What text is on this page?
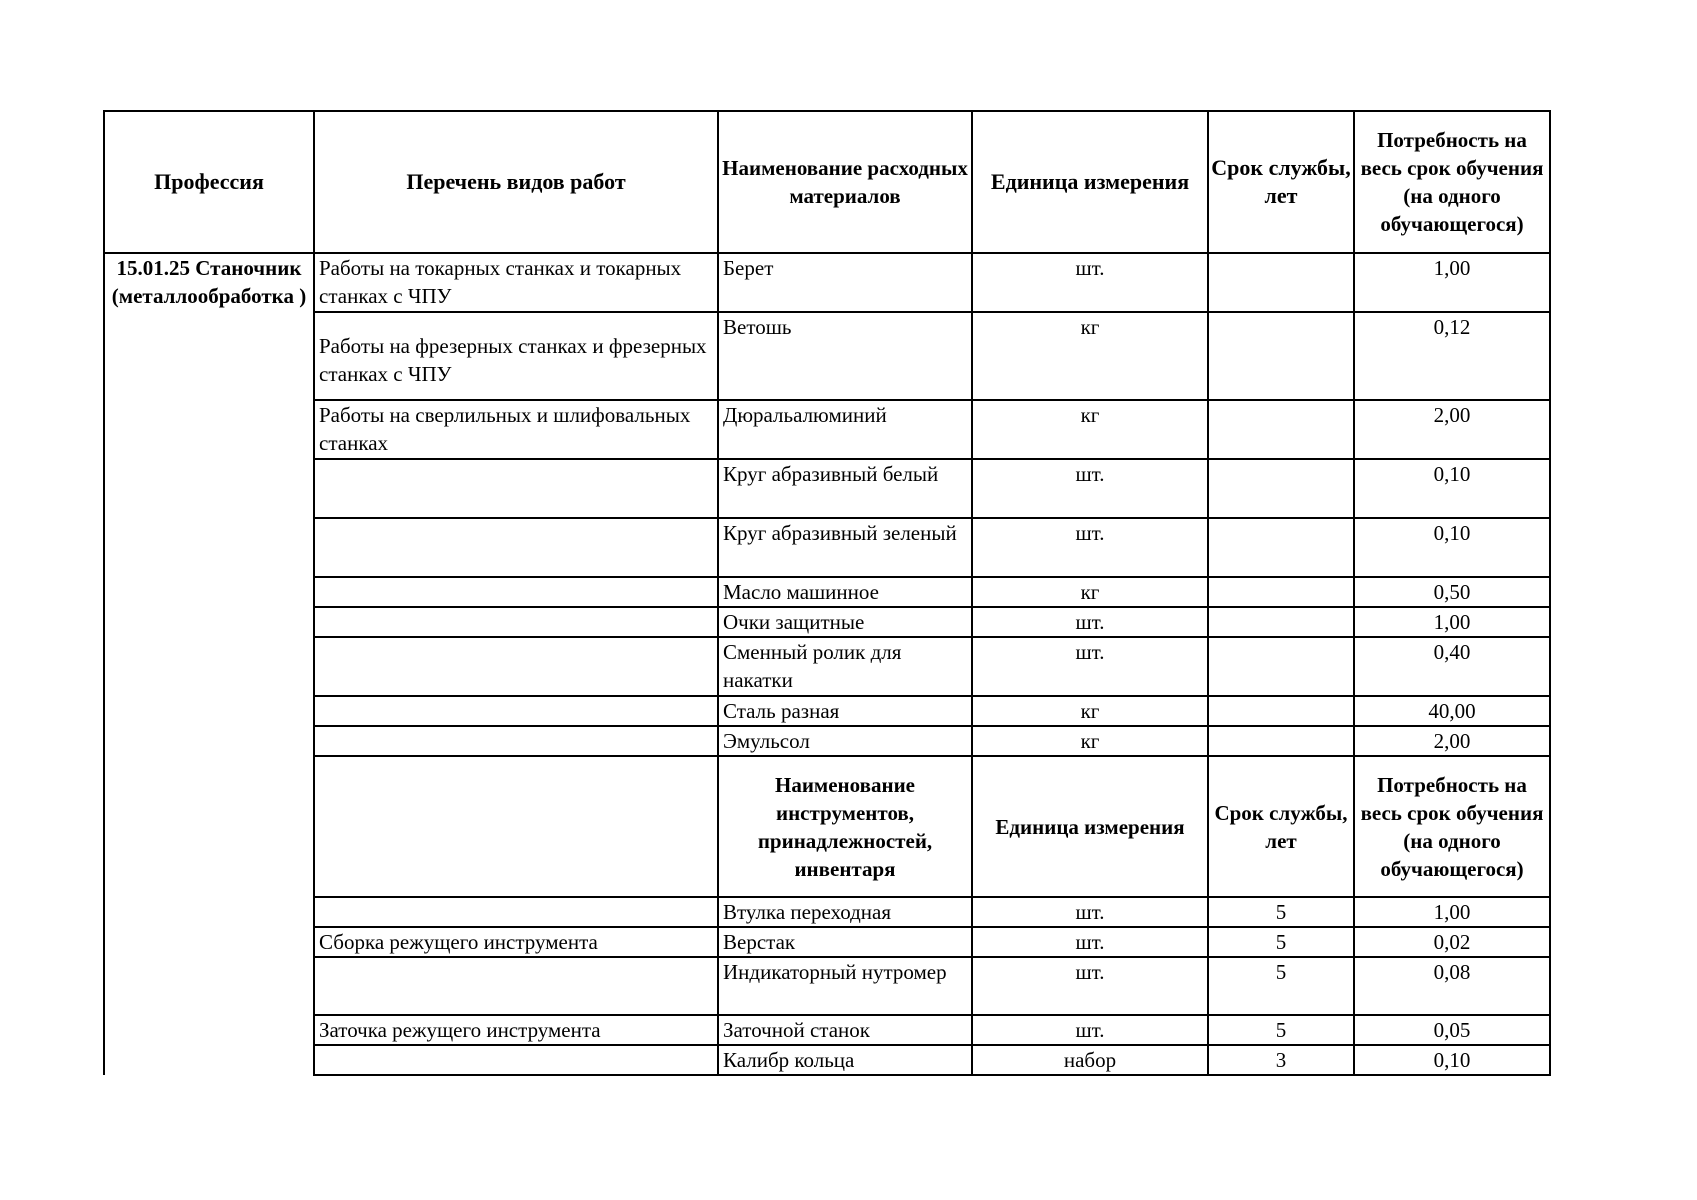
Профессия	Перечень видов работ	Наименование расходных материалов	Единица измерения	Срок службы, лет	Потребность на весь срок обучения (на одного обучающегося)
15.01.25 Станочник (металлообработка )	Работы на токарных станках и токарных станках с ЧПУ	Берет	шт.		1,00
	Работы на фрезерных станках и фрезерных станках с ЧПУ	Ветошь	кг		0,12
	Работы на сверлильных и шлифовальных станках	Дюральалюминий	кг		2,00
		Круг абразивный белый	шт.		0,10
		Круг абразивный зеленый	шт.		0,10
		Масло машинное	кг		0,50
		Очки защитные	шт.		1,00
		Сменный ролик для накатки	шт.		0,40
		Сталь разная	кг		40,00
		Эмульсол	кг		2,00
		Наименование инструментов, принадлежностей, инвентаря	Единица измерения	Срок службы, лет	Потребность на весь срок обучения (на одного обучающегося)
		Втулка переходная	шт.	5	1,00
	Сборка режущего инструмента	Верстак	шт.	5	0,02
		Индикаторный нутромер	шт.	5	0,08
	Заточка режущего инструмента	Заточной станок	шт.	5	0,05
		Калибр кольца	набор	3	0,10
